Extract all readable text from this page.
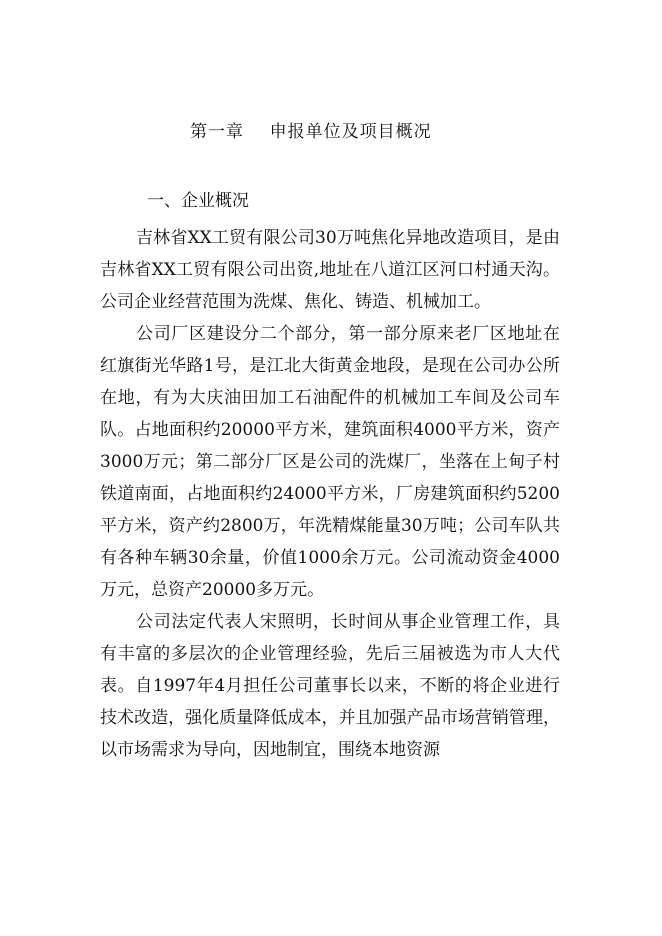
第一章    申报单位及项目概况
一、企业概况

吉林省XX工贸有限公司30万吨焦化异地改造项目，是由吉林省XX工贸有限公司出资,地址在八道江区河口村通天沟。公司企业经营范围为洗煤、焦化、铸造、机械加工。

公司厂区建设分二个部分，第一部分原来老厂区地址在红旗街光华路1号，是江北大街黄金地段，是现在公司办公所在地，有为大庆油田加工石油配件的机械加工车间及公司车队。占地面积约20000平方米，建筑面积4000平方米，资产3000万元；第二部分厂区是公司的洗煤厂，坐落在上甸子村铁道南面，占地面积约24000平方米，厂房建筑面积约5200平方米，资产约2800万，年洗精煤能量30万吨；公司车队共有各种车辆30余量，价值1000余万元。公司流动资金4000万元，总资产20000多万元。

公司法定代表人宋照明，长时间从事企业管理工作，具有丰富的多层次的企业管理经验，先后三届被选为市人大代表。自1997年4月担任公司董事长以来，不断的将企业进行技术改造，强化质量降低成本，并且加强产品市场营销管理，以市场需求为导向，因地制宜，围绕本地资源
